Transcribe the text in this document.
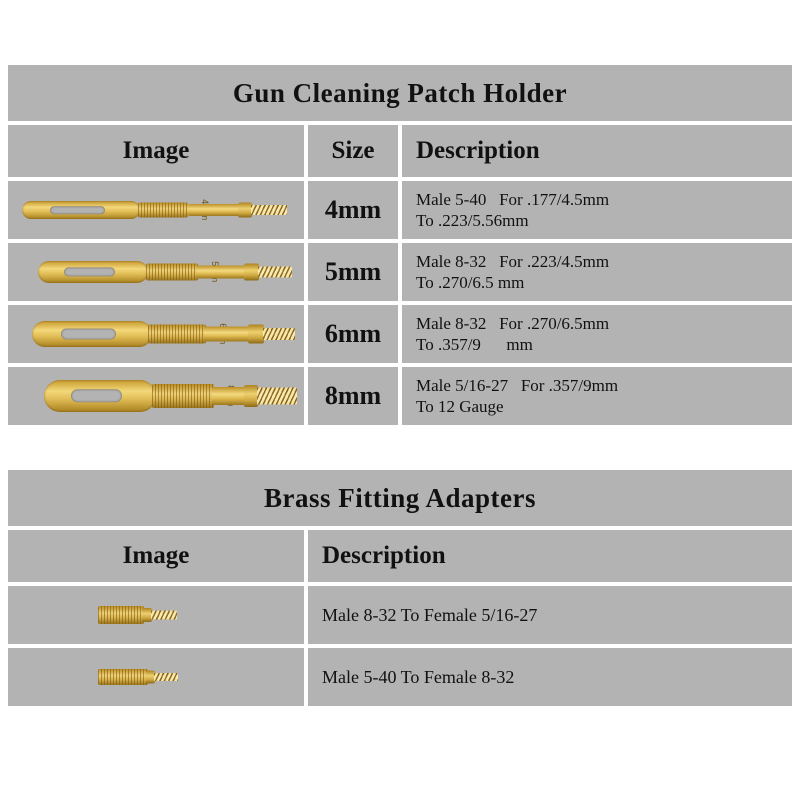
Gun Cleaning Patch Holder
Image	Size	Description
4mm	Male 5-40   For .177/4.5mm
To .223/5.56mm
5mm	Male 8-32   For .223/4.5mm
To .270/6.5 mm
6mm	Male 8-32   For .270/6.5mm
To .357/9      mm
8mm	Male 5/16-27   For .357/9mm
To 12 Gauge
Brass Fitting Adapters
Image	Description
Male 8-32 To Female 5/16-27
Male 5-40 To Female 8-32
